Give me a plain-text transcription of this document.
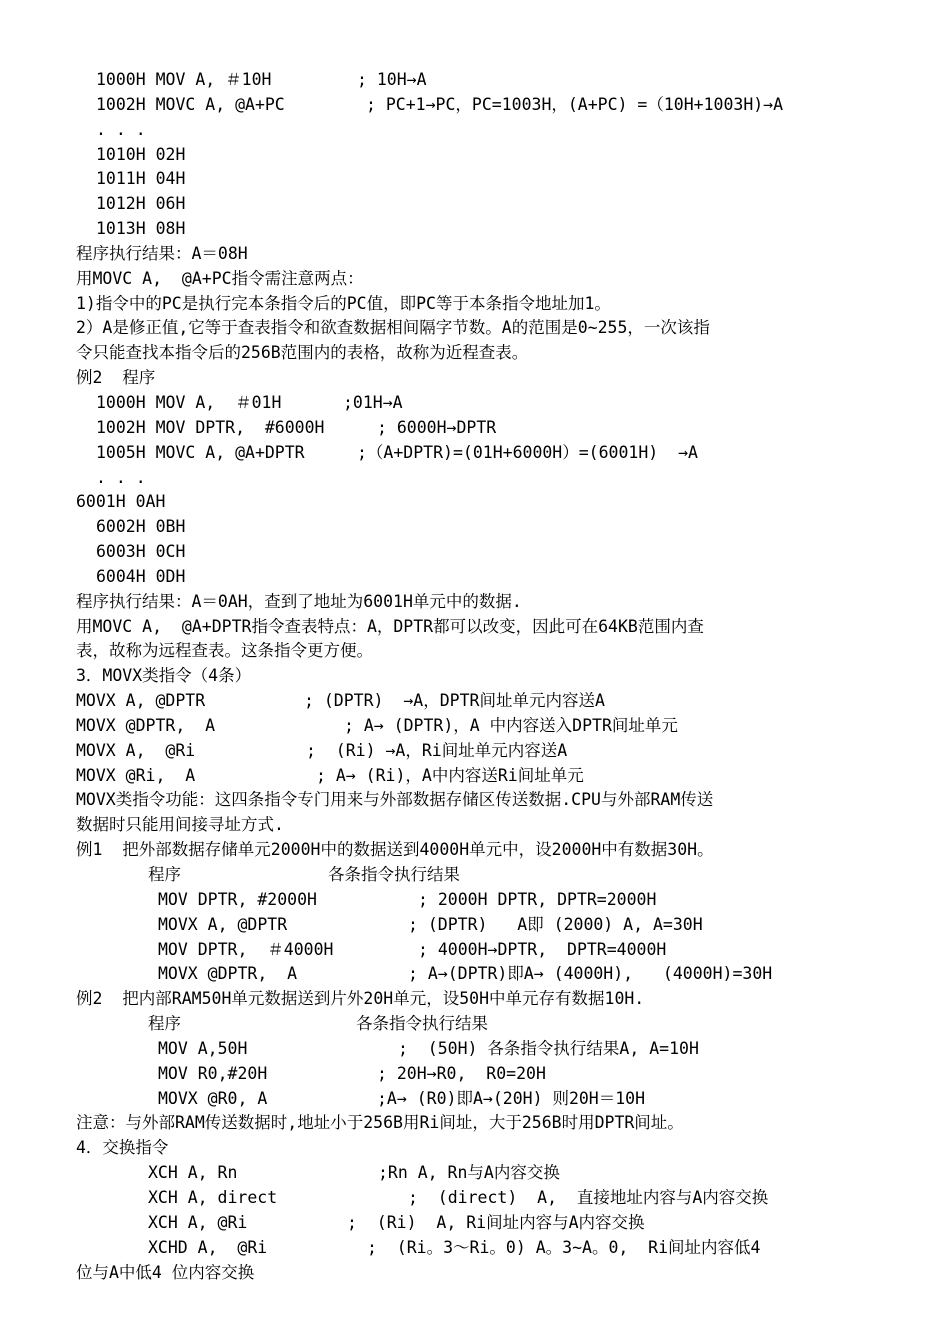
1000H MOV A, ＃10H	; 10H→A
1002H MOVC A, @A+PC	; PC+1→PC，PC=1003H，(A+PC) =（10H+1003H)→A
. . .
1010H 02H
1011H 04H
1012H 06H
1013H 08H
程序执行结果：A＝08H
用MOVC A,  @A+PC指令需注意两点：
1)指令中的PC是执行完本条指令后的PC值，即PC等于本条指令地址加1。
2）A是修正值,它等于查表指令和欲查数据相间隔字节数。A的范围是0~255，一次该指
令只能查找本指令后的256B范围内的表格，故称为近程查表。
例2  程序
1000H MOV A,  ＃01H	;01H→A
1002H MOV DPTR,  #6000H	; 6000H→DPTR
1005H MOVC A, @A+DPTR	;（A+DPTR)=(01H+6000H）=(6001H)  →A
. . .
6001H 0AH
6002H 0BH
6003H 0CH
6004H 0DH
程序执行结果：A＝0AH，查到了地址为6001H单元中的数据.
用MOVC A,  @A+DPTR指令查表特点：A，DPTR都可以改变，因此可在64KB范围内查
表，故称为远程查表。这条指令更方便。
3．MOVX类指令（4条）
MOVX A, @DPTR	; (DPTR)  →A，DPTR间址单元内容送A
MOVX @DPTR,  A	; A→ (DPTR)，A 中内容送入DPTR间址单元
MOVX A,  @Ri	;  (Ri) →A，Ri间址单元内容送A
MOVX @Ri,  A	; A→ (Ri)，A中内容送Ri间址单元
MOVX类指令功能：这四条指令专门用来与外部数据存储区传送数据.CPU与外部RAM传送
数据时只能用间接寻址方式.
例1  把外部数据存储单元2000H中的数据送到4000H单元中，设2000H中有数据30H。
程序	各条指令执行结果
MOV DPTR, #2000H	; 2000H DPTR, DPTR=2000H
MOVX A, @DPTR	; (DPTR)   A即 (2000) A, A=30H
MOV DPTR,  ＃4000H	; 4000H→DPTR,  DPTR=4000H
MOVX @DPTR,  A	; A→(DPTR)即A→ (4000H),   (4000H)=30H
例2  把内部RAM50H单元数据送到片外20H单元，设50H中单元存有数据10H.
程序	各条指令执行结果
MOV A,50H	;  (50H) 各条指令执行结果A, A=10H
MOV R0,#20H	; 20H→R0,  R0=20H
MOVX @R0, A	;A→ (R0)即A→(20H) 则20H＝10H
注意：与外部RAM传送数据时,地址小于256B用Ri间址，大于256B时用DPTR间址。
4．交换指令
XCH A, Rn	;Rn A, Rn与A内容交换
XCH A, direct	;  (direct)  A,  直接地址内容与A内容交换
XCH A, @Ri	;  (Ri)  A, Ri间址内容与A内容交换
XCHD A,  @Ri	;  (Ri。3～Ri。0) A。3~A。0,  Ri间址内容低4
位与A中低4 位内容交换
